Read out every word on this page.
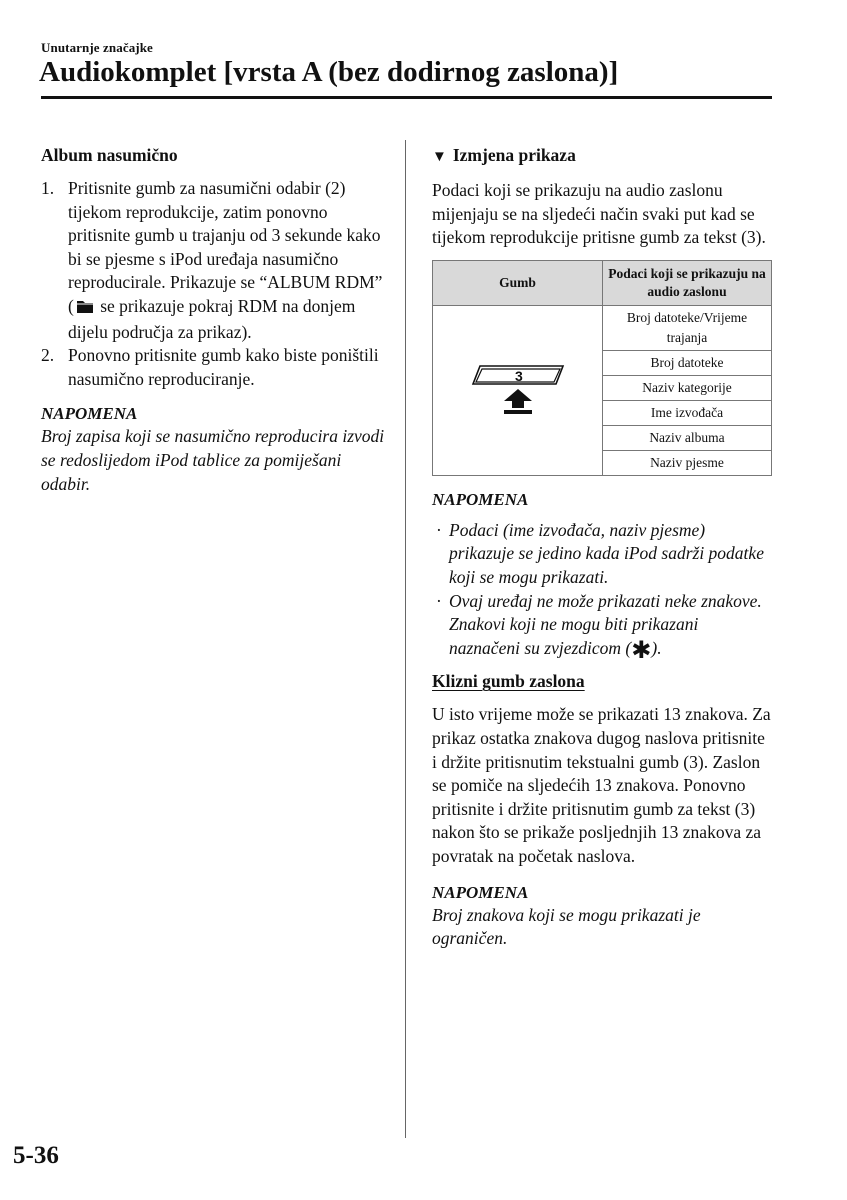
Unutarnje značajke
Audiokomplet [vrsta A (bez dodirnog zaslona)]
Album nasumično
1. Pritisnite gumb za nasumični odabir (2) tijekom reprodukcije, zatim ponovno pritisnite gumb u trajanju od 3 sekunde kako bi se pjesme s iPod uređaja nasumično reproducirale. Prikazuje se “ALBUM RDM” ( se prikazuje pokraj RDM na donjem dijelu područja za prikaz).
2. Ponovno pritisnite gumb kako biste poništili nasumično reproduciranje.
NAPOMENA
Broj zapisa koji se nasumično reproducira izvodi se redoslijedom iPod tablice za pomiješani odabir.
▼ Izmjena prikaza
Podaci koji se prikazuju na audio zaslonu mijenjaju se na sljedeći način svaki put kad se tijekom reprodukcije pritisne gumb za tekst (3).
Gumb	Podaci koji se prikazuju na audio zaslonu

3	Broj datoteke/Vrijeme trajanja
	Broj datoteke
	Naziv kategorije
	Ime izvođača
	Naziv albuma
	Naziv pjesme
NAPOMENA
· Podaci (ime izvođača, naziv pjesme) prikazuje se jedino kada iPod sadrži podatke koji se mogu prikazati.
· Ovaj uređaj ne može prikazati neke znakove. Znakovi koji ne mogu biti prikazani naznačeni su zvjezdicom (✱).
Klizni gumb zaslona
U isto vrijeme može se prikazati 13 znakova. Za prikaz ostatka znakova dugog naslova pritisnite i držite pritisnutim tekstualni gumb (3). Zaslon se pomiče na sljedećih 13 znakova. Ponovno pritisnite i držite pritisnutim gumb za tekst (3) nakon što se prikaže posljednjih 13 znakova za povratak na početak naslova.
NAPOMENA
Broj znakova koji se mogu prikazati je ograničen.
5-36
